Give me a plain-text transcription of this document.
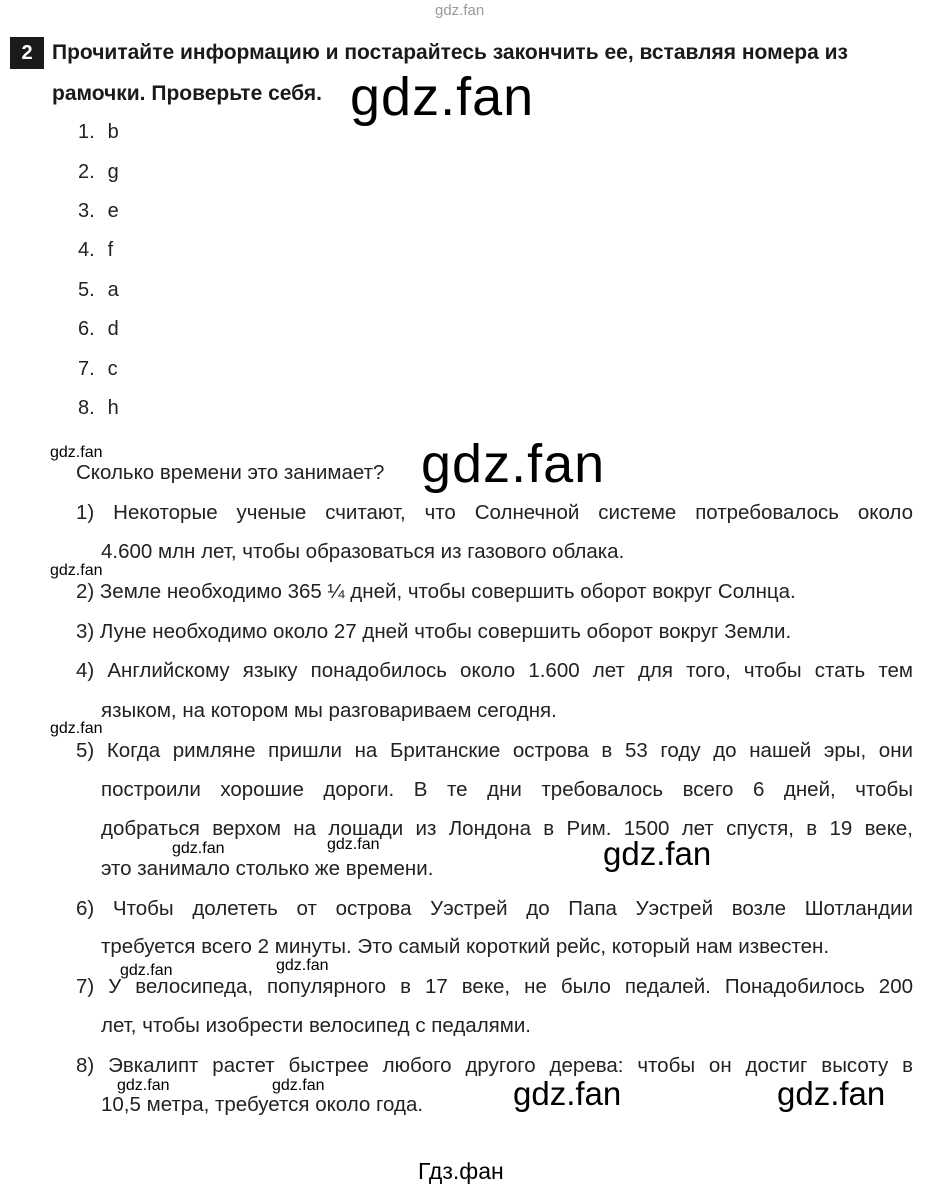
gdz.fan
2 Прочитайте информацию и постарайтесь закончить ее, вставляя номера из
рамочки. Проверьте себя.
1. b
2. g
3. e
4. f
5. a
6. d
7. c
8. h
Сколько времени это занимает?
1) Некоторые ученые считают, что Солнечной системе потребовалось около
4.600 млн лет, чтобы образоваться из газового облака.
2) Земле необходимо 365 ¼ дней, чтобы совершить оборот вокруг Солнца.
3) Луне необходимо около 27 дней чтобы совершить оборот вокруг Земли.
4) Английскому языку понадобилось около 1.600 лет для того, чтобы стать тем
языком, на котором мы разговариваем сегодня.
5) Когда римляне пришли на Британские острова в 53 году до нашей эры, они
построили хорошие дороги. В те дни требовалось всего 6 дней, чтобы
добраться верхом на лошади из Лондона в Рим. 1500 лет спустя, в 19 веке,
это занимало столько же времени.
6) Чтобы долететь от острова Уэстрей до Папа Уэстрей возле Шотландии
требуется всего 2 минуты. Это самый короткий рейс, который нам известен.
7) У велосипеда, популярного в 17 веке, не было педалей. Понадобилось 200
лет, чтобы изобрести велосипед с педалями.
8) Эвкалипт растет быстрее любого другого дерева: чтобы он достиг высоту в
10,5 метра, требуется около года.
gdz.fan
gdz.fan
gdz.fan
gdz.fan	gdz.fan
gdz.fan
gdz.fan
gdz.fan
gdz.fan	gdz.fan
gdz.fan	gdz.fan
gdz.fan	gdz.fan
Гдз.фан
